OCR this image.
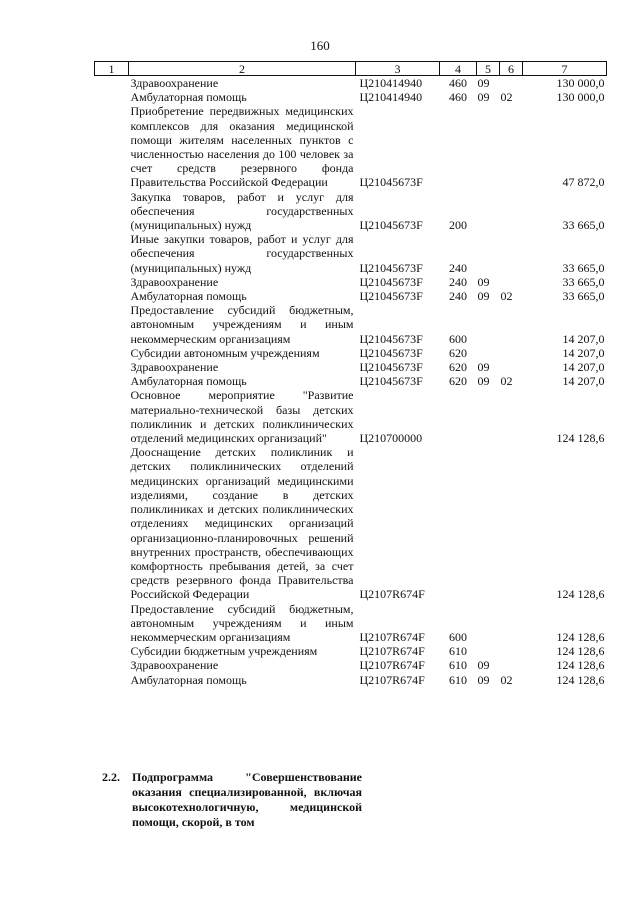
160
1	2	3	4	5	6	7
	Здравоохранение	Ц210414940	460	09		130 000,0
	Амбулаторная помощь	Ц210414940	460	09	02	130 000,0
	Приобретение передвижных медицинских комплексов для оказания медицинской помощи жителям населенных пунктов с численностью населения до 100 человек за счет средств резервного фонда Правительства Российской Федерации	Ц21045673F				47 872,0
	Закупка товаров, работ и услуг для обеспечения государственных (муниципальных) нужд	Ц21045673F	200			33 665,0
	Иные закупки товаров, работ и услуг для обеспечения государственных (муниципальных) нужд	Ц21045673F	240			33 665,0
	Здравоохранение	Ц21045673F	240	09		33 665,0
	Амбулаторная помощь	Ц21045673F	240	09	02	33 665,0
	Предоставление субсидий бюджетным, автономным учреждениям и иным некоммерческим организациям	Ц21045673F	600			14 207,0
	Субсидии автономным учреждениям	Ц21045673F	620			14 207,0
	Здравоохранение	Ц21045673F	620	09		14 207,0
	Амбулаторная помощь	Ц21045673F	620	09	02	14 207,0
	Основное мероприятие "Развитие материально-технической базы детских поликлиник и детских поликлинических отделений медицинских организаций"	Ц210700000				124 128,6
	Дооснащение детских поликлиник и детских поликлинических отделений медицинских организаций медицинскими изделиями, создание в детских поликлиниках и детских поликлинических отделениях медицинских организаций организационно-планировочных решений внутренних пространств, обеспечивающих комфортность пребывания детей, за счет средств резервного фонда Правительства Российской Федерации	Ц2107R674F				124 128,6
	Предоставление субсидий бюджетным, автономным учреждениям и иным некоммерческим организациям	Ц2107R674F	600			124 128,6
	Субсидии бюджетным учреждениям	Ц2107R674F	610			124 128,6
	Здравоохранение	Ц2107R674F	610	09		124 128,6
	Амбулаторная помощь	Ц2107R674F	610	09	02	124 128,6
2.2. Подпрограмма "Совершенствование оказания специализированной, включая высокотехнологичную, медицинской помощи, скорой, в том
